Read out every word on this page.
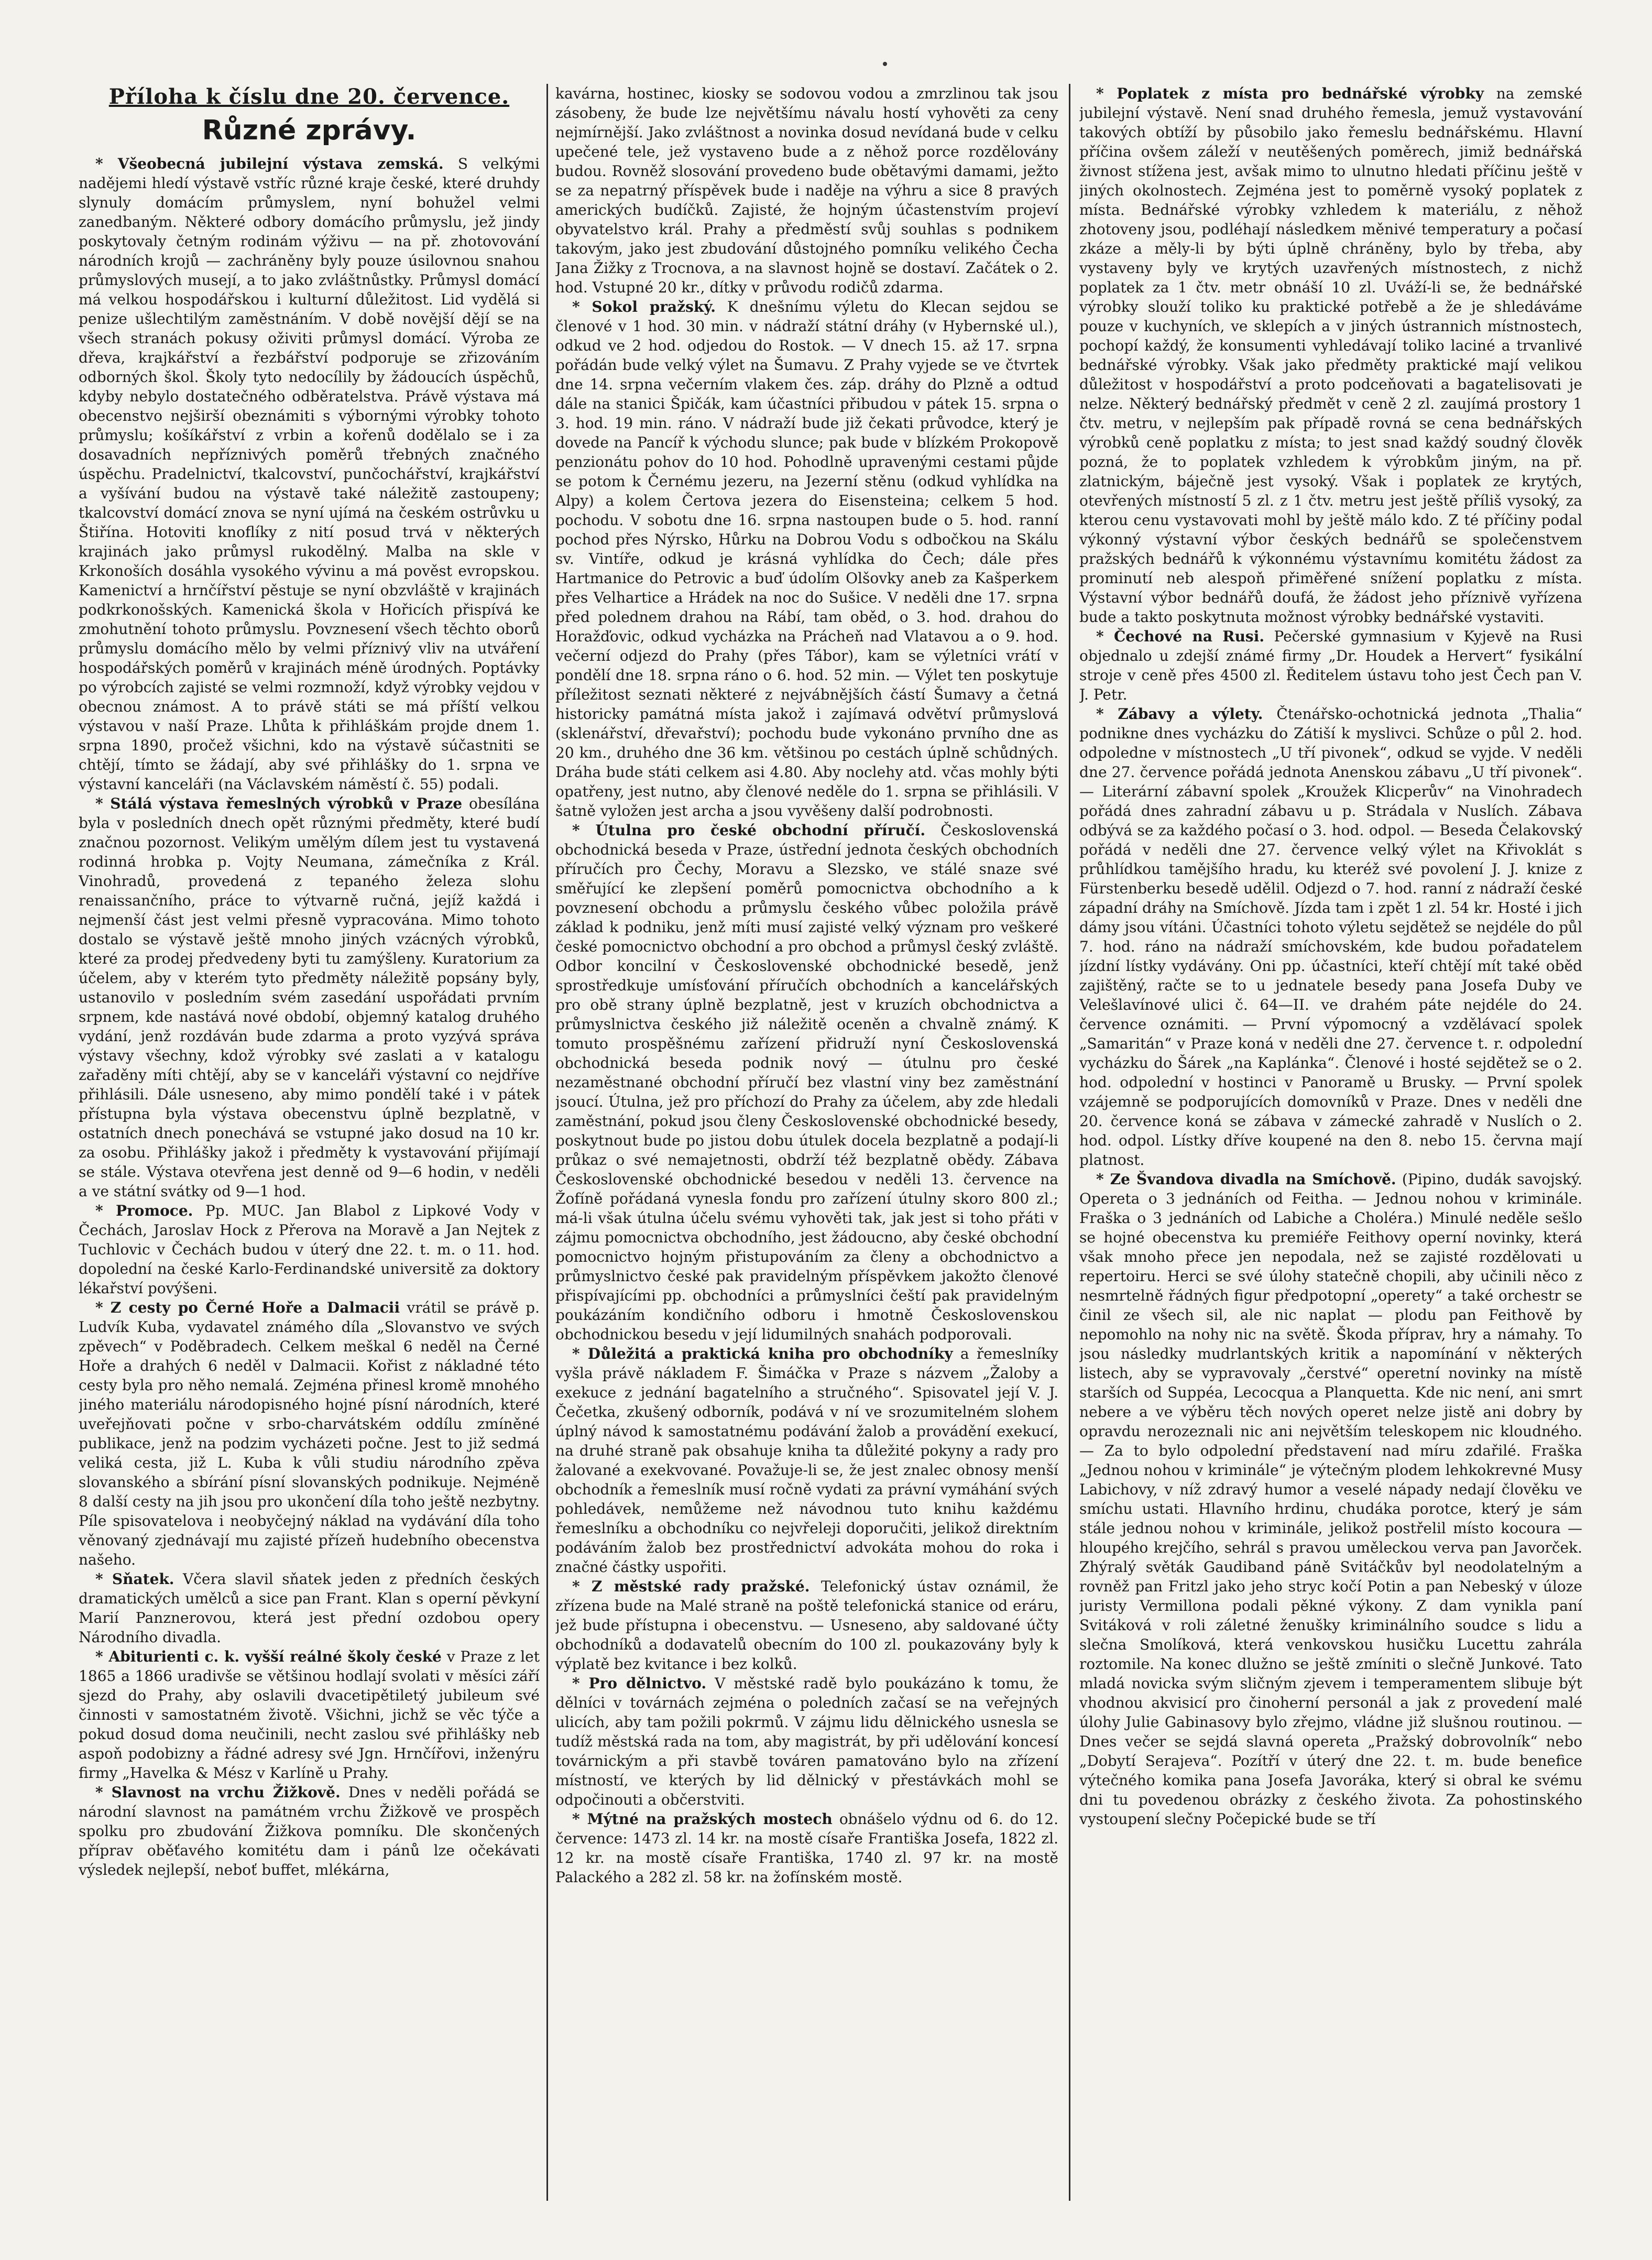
Příloha k číslu dne 20. července.
Různé zprávy.

* Všeobecná jubilejní výstava zemská. S velkými nadějemi hledí výstavě vstříc různé kraje české, které druhdy slynuly domácím průmyslem, nyní bohužel velmi zanedbaným. Některé odbory domácího průmyslu, jež jindy poskytovaly četným rodinám výživu — na př. zhotovování národních krojů — zachráněny byly pouze úsilovnou snahou průmyslových musejí, a to jako zvláštnůstky. Průmysl domácí má velkou hospodářskou i kulturní důležitost. Lid vydělá si penize ušlechtilým zaměstnáním. V době novější dějí se na všech stranách pokusy oživiti průmysl domácí. Výroba ze dřeva, krajkářství a řezbářství podporuje se zřizováním odborných škol. Školy tyto nedocílily by žádoucích úspěchů, kdyby nebylo dostatečného odběratelstva. Právě výstava má obecenstvo nejširší obeznámiti s výbornými výrobky tohoto průmyslu; košíkářství z vrbin a kořenů dodělalo se i za dosavadních nepříznivých poměrů třebných značného úspěchu. Pradelnictví, tkalcovství, punčochářství, krajkářství a vyšívání budou na výstavě také náležitě zastoupeny; tkalcovství domácí znova se nyní ujímá na českém ostrůvku u Štiřína. Hotoviti knoflíky z nití posud trvá v některých krajinách jako průmysl rukodělný. Malba na skle v Krkonoších dosáhla vysokého vývinu a má pověst evropskou. Kamenictví a hrnčířství pěstuje se nyní obzvláště v krajinách podkrkonošských. Kamenická škola v Hořicích přispívá ke zmohutnění tohoto průmyslu. Povznesení všech těchto oborů průmyslu domácího mělo by velmi příznivý vliv na utváření hospodářských poměrů v krajinách méně úrodných. Poptávky po výrobcích zajisté se velmi rozmnoží, když výrobky vejdou v obecnou známost. A to právě státi se má příští velkou výstavou v naší Praze. Lhůta k přihláškám projde dnem 1. srpna 1890, pročež všichni, kdo na výstavě súčastniti se chtějí, tímto se žádají, aby své přihlášky do 1. srpna ve výstavní kanceláři (na Václavském náměstí č. 55) podali.

* Stálá výstava řemeslných výrobků v Praze obesílána byla v posledních dnech opět různými předměty, které budí značnou pozornost. Velikým umělým dílem jest tu vystavená rodinná hrobka p. Vojty Neumana, zámečníka z Král. Vinohradů, provedená z tepaného železa slohu renaissančního, práce to výtvarně ručná, jejíž každá i nejmenší část jest velmi přesně vypracována. Mimo tohoto dostalo se výstavě ještě mnoho jiných vzácných výrobků, které za prodej předvedeny byti tu zamýšleny. Kuratorium za účelem, aby v kterém tyto předměty náležitě popsány byly, ustanovilo v posledním svém zasedání uspořádati prvním srpnem, kde nastává nové období, objemný katalog druhého vydání, jenž rozdáván bude zdarma a proto vyzývá správa výstavy všechny, kdož výrobky své zaslati a v katalogu zařaděny míti chtějí, aby se v kanceláři výstavní co nejdříve přihlásili. Dále usneseno, aby mimo pondělí také i v pátek přístupna byla výstava obecenstvu úplně bezplatně, v ostatních dnech ponechává se vstupné jako dosud na 10 kr. za osobu. Přihlášky jakož i předměty k vystavování přijímají se stále. Výstava otevřena jest denně od 9—6 hodin, v neděli a ve státní svátky od 9—1 hod.

* Promoce. Pp. MUC. Jan Blabol z Lipkové Vody v Čechách, Jaroslav Hock z Přerova na Moravě a Jan Nejtek z Tuchlovic v Čechách budou v úterý dne 22. t. m. o 11. hod. dopolední na české Karlo-Ferdinandské universitě za doktory lékařství povýšeni.

* Z cesty po Černé Hoře a Dalmacii vrátil se právě p. Ludvík Kuba, vydavatel známého díla „Slovanstvo ve svých zpěvech“ v Poděbradech. Celkem meškal 6 neděl na Černé Hoře a drahých 6 neděl v Dalmacii. Kořist z nákladné této cesty byla pro něho nemalá. Zejména přinesl kromě mnohého jiného materiálu národopisného hojné písní národních, které uveřejňovati počne v srbo-charvátském oddílu zmíněné publikace, jenž na podzim vycházeti počne. Jest to již sedmá veliká cesta, již L. Kuba k vůli studiu národního zpěva slovanského a sbírání písní slovanských podnikuje. Nejméně 8 další cesty na jih jsou pro ukončení díla toho ještě nezbytny. Píle spisovatelova i neobyčejný náklad na vydávání díla toho věnovaný zjednávají mu zajisté přízeň hudebního obecenstva našeho.

* Sňatek. Včera slavil sňatek jeden z předních českých dramatických umělců a sice pan Frant. Klan s operní pěvkyní Marií Panznerovou, která jest přední ozdobou opery Národního divadla.

* Abiturienti c. k. vyšší reálné školy české v Praze z let 1865 a 1866 uradivše se většinou hodlají svolati v měsíci září sjezd do Prahy, aby oslavili dvacetipětiletý jubileum své činnosti v samostatném životě. Všichni, jichž se věc týče a pokud dosud doma neučinili, necht zaslou své přihlášky neb aspoň podobizny a řádné adresy své Jgn. Hrnčířovi, inženýru firmy „Havelka & Mész v Karlíně u Prahy.

* Slavnost na vrchu Žižkově. Dnes v neděli pořádá se národní slavnost na památném vrchu Žižkově ve prospěch spolku pro zbudování Žižkova pomníku. Dle skončených příprav oběťavého komitétu dam i pánů lze očekávati výsledek nejlepší, neboť buffet, mlékárna,

kavárna, hostinec, kiosky se sodovou vodou a zmrzlinou tak jsou zásobeny, že bude lze největšímu návalu hostí vyhověti za ceny nejmírnější. Jako zvláštnost a novinka dosud nevídaná bude v celku upečené tele, jež vystaveno bude a z něhož porce rozdělovány budou. Rovněž slosování provedeno bude obětavými damami, ježto se za nepatrný příspěvek bude i naděje na výhru a sice 8 pravých amerických budíčků. Zajisté, že hojným účastenstvím projeví obyvatelstvo král. Prahy a předměstí svůj souhlas s podnikem takovým, jako jest zbudování důstojného pomníku velikého Čecha Jana Žižky z Trocnova, a na slavnost hojně se dostaví. Začátek o 2. hod. Vstupné 20 kr., dítky v průvodu rodičů zdarma.

* Sokol pražský. K dnešnímu výletu do Klecan sejdou se členové v 1 hod. 30 min. v nádraží státní dráhy (v Hybernské ul.), odkud ve 2 hod. odjedou do Rostok. — V dnech 15. až 17. srpna pořádán bude velký výlet na Šumavu. Z Prahy vyjede se ve čtvrtek dne 14. srpna večerním vlakem čes. záp. dráhy do Plzně a odtud dále na stanici Špičák, kam účastníci přibudou v pátek 15. srpna o 3. hod. 19 min. ráno. V nádraží bude již čekati průvodce, který je dovede na Pancíř k východu slunce; pak bude v blízkém Prokopově penzionátu pohov do 10 hod. Pohodlně upravenými cestami půjde se potom k Černému jezeru, na Jezerní stěnu (odkud vyhlídka na Alpy) a kolem Čertova jezera do Eisensteina; celkem 5 hod. pochodu. V sobotu dne 16. srpna nastoupen bude o 5. hod. ranní pochod přes Nýrsko, Hůrku na Dobrou Vodu s odbočkou na Skálu sv. Vintíře, odkud je krásná vyhlídka do Čech; dále přes Hartmanice do Petrovic a buď údolím Olšovky aneb za Kašperkem přes Velhartice a Hrádek na noc do Sušice. V neděli dne 17. srpna před polednem drahou na Rábí, tam oběd, o 3. hod. drahou do Horažďovic, odkud vycházka na Prácheň nad Vlatavou a o 9. hod. večerní odjezd do Prahy (přes Tábor), kam se výletníci vrátí v pondělí dne 18. srpna ráno o 6. hod. 52 min. — Výlet ten poskytuje příležitost seznati některé z nejvábnějších částí Šumavy a četná historicky památná místa jakož i zajímavá odvětví průmyslová (sklenářství, dřevařství); pochodu bude vykonáno prvního dne as 20 km., druhého dne 36 km. většinou po cestách úplně schůdných. Dráha bude státi celkem asi 4.80. Aby noclehy atd. včas mohly býti opatřeny, jest nutno, aby členové neděle do 1. srpna se přihlásili. V šatně vyložen jest archa a jsou vyvěšeny další podrobnosti.

* Útulna pro české obchodní příručí. Československá obchodnická beseda v Praze, ústřední jednota českých obchodních příručích pro Čechy, Moravu a Slezsko, ve stálé snaze své směřující ke zlepšení poměrů pomocnictva obchodního a k povznesení obchodu a průmyslu českého vůbec položila právě základ k podniku, jenž míti musí zajisté velký význam pro veškeré české pomocnictvo obchodní a pro obchod a průmysl český zvláště. Odbor koncilní v Československé obchodnické besedě, jenž sprostředkuje umísťování příručích obchodních a kancelářských pro obě strany úplně bezplatně, jest v kruzích obchodnictva a průmyslnictva českého již náležitě oceněn a chvalně známý. K tomuto prospěšnému zařízení přidruží nyní Československá obchodnická beseda podnik nový — útulnu pro české nezaměstnané obchodní příručí bez vlastní viny bez zaměstnání jsoucí. Útulna, jež pro příchozí do Prahy za účelem, aby zde hledali zaměstnání, pokud jsou členy Československé obchodnické besedy, poskytnout bude po jistou dobu útulek docela bezplatně a podají-li průkaz o své nemajetnosti, obdrží též bezplatně obědy. Zábava Československé obchodnické besedou v neděli 13. července na Žofíně pořádaná vynesla fondu pro zařízení útulny skoro 800 zl.; má-li však útulna účelu svému vyhověti tak, jak jest si toho přáti v zájmu pomocnictva obchodního, jest žádoucno, aby české obchodní pomocnictvo hojným přistupováním za členy a obchodnictvo a průmyslnictvo české pak pravidelným příspěvkem jakožto členové přispívajícími pp. obchodníci a průmyslníci čeští pak pravidelným poukázáním kondičního odboru i hmotně Československou obchodnickou besedu v její lidumilných snahách podporovali.

* Důležitá a praktická kniha pro obchodníky a řemeslníky vyšla právě nákladem F. Šimáčka v Praze s názvem „Žaloby a exekuce z jednání bagatelního a stručného“. Spisovatel její V. J. Čečetka, zkušený odborník, podává v ní ve srozumitelném slohem úplný návod k samostatnému podávání žalob a provádění exekucí, na druhé straně pak obsahuje kniha ta důležité pokyny a rady pro žalované a exekvované. Považuje-li se, že jest znalec obnosy menší obchodník a řemeslník musí ročně vydati za právní vymáhání svých pohledávek, nemůžeme než návodnou tuto knihu každému řemeslníku a obchodníku co nejvřeleji doporučiti, jelikož direktním podáváním žalob bez prostřednictví advokáta mohou do roka i značné částky uspořiti.

* Z městské rady pražské. Telefonický ústav oznámil, že zřízena bude na Malé straně na poště telefonická stanice od eráru, jež bude přístupna i obecenstvu. — Usneseno, aby saldované účty obchodníků a dodavatelů obecním do 100 zl. poukazovány byly k výplatě bez kvitance i bez kolků.

* Pro dělnictvo. V městské radě bylo poukázáno k tomu, že dělníci v továrnách zejména o poledních začasí se na veřejných ulicích, aby tam požili pokrmů. V zájmu lidu dělnického usnesla se tudíž městská rada na tom, aby magistrát, by při udělování koncesí továrnickým a při stavbě továren pamatováno bylo na zřízení místností, ve kterých by lid dělnický v přestávkách mohl se odpočinouti a občerstviti.

* Mýtné na pražských mostech obnášelo výdnu od 6. do 12. července: 1473 zl. 14 kr. na mostě císaře Františka Josefa, 1822 zl. 12 kr. na mostě císaře Františka, 1740 zl. 97 kr. na mostě Palackého a 282 zl. 58 kr. na žofínském mostě.

* Poplatek z místa pro bednářské výrobky na zemské jubilejní výstavě. Není snad druhého řemesla, jemuž vystavování takových obtíží by působilo jako řemeslu bednářskému. Hlavní příčina ovšem záleží v neutěšených poměrech, jimiž bednářská živnost stížena jest, avšak mimo to ulnutno hledati příčinu ještě v jiných okolnostech. Zejména jest to poměrně vysoký poplatek z místa. Bednářské výrobky vzhledem k materiálu, z něhož zhotoveny jsou, podléhají následkem měnivé temperatury a počasí zkáze a měly-li by býti úplně chráněny, bylo by třeba, aby vystaveny byly ve krytých uzavřených místnostech, z nichž poplatek za 1 čtv. metr obnáší 10 zl. Uváží-li se, že bednářské výrobky slouží toliko ku praktické potřebě a že je shledáváme pouze v kuchyních, ve sklepích a v jiných ústrannich místnostech, pochopí každý, že konsumenti vyhledávají toliko laciné a trvanlivé bednářské výrobky. Však jako předměty praktické mají velikou důležitost v hospodářství a proto podceňovati a bagatelisovati je nelze. Některý bednářský předmět v ceně 2 zl. zaujímá prostory 1 čtv. metru, v nejlepším pak případě rovná se cena bednářských výrobků ceně poplatku z místa; to jest snad každý soudný člověk pozná, že to poplatek vzhledem k výrobkům jiným, na př. zlatnickým, báječně jest vysoký. Však i poplatek ze krytých, otevřených místností 5 zl. z 1 čtv. metru jest ještě příliš vysoký, za kterou cenu vystavovati mohl by ještě málo kdo. Z té příčiny podal výkonný výstavní výbor českých bednářů se společenstvem pražských bednářů k výkonnému výstavnímu komitétu žádost za prominutí neb alespoň přiměřené snížení poplatku z místa. Výstavní výbor bednářů doufá, že žádost jeho příznivě vyřízena bude a takto poskytnuta možnost výrobky bednářské vystaviti.

* Čechové na Rusi. Pečerské gymnasium v Kyjevě na Rusi objednalo u zdejší známé firmy „Dr. Houdek a Hervert“ fysikální stroje v ceně přes 4500 zl. Ředitelem ústavu toho jest Čech pan V. J. Petr.

* Zábavy a výlety. Čtenářsko-ochotnická jednota „Thalia“ podnikne dnes vycházku do Zátiší k myslivci. Schůze o půl 2. hod. odpoledne v místnostech „U tří pivonek“, odkud se vyjde. V neděli dne 27. července pořádá jednota Anenskou zábavu „U tří pivonek“. — Literární zábavní spolek „Kroužek Klicperův“ na Vinohradech pořádá dnes zahradní zábavu u p. Strádala v Nuslích. Zábava odbývá se za každého počasí o 3. hod. odpol. — Beseda Čelakovský pořádá v neděli dne 27. července velký výlet na Křivoklát s průhlídkou tamějšího hradu, ku kteréž své povolení J. J. knize z Fürstenberku besedě udělil. Odjezd o 7. hod. ranní z nádraží české západní dráhy na Smíchově. Jízda tam i zpět 1 zl. 54 kr. Hosté i jich dámy jsou vítáni. Účastníci tohoto výletu sejdětež se nejdéle do půl 7. hod. ráno na nádraží smíchovském, kde budou pořadatelem jízdní lístky vydávány. Oni pp. účastníci, kteří chtějí mít také oběd zajištěný, račte se to u jednatele besedy pana Josefa Duby ve Velešlavínové ulici č. 64—II. ve drahém páte nejdéle do 24. července oznámiti. — První výpomocný a vzdělávací spolek „Samaritán“ v Praze koná v neděli dne 27. července t. r. odpolední vycházku do Šárek „na Kaplánka“. Členové i hosté sejdětež se o 2. hod. odpolední v hostinci v Panoramě u Brusky. — První spolek vzájemně se podporujících domovníků v Praze. Dnes v neděli dne 20. července koná se zábava v zámecké zahradě v Nuslích o 2. hod. odpol. Lístky dříve koupené na den 8. nebo 15. června mají platnost.

* Ze Švandova divadla na Smíchově. (Pipino, dudák savojský. Opereta o 3 jednáních od Feitha. — Jednou nohou v kriminále. Fraška o 3 jednáních od Labiche a Choléra.) Minulé neděle sešlo se hojné obecenstva ku premiéře Feithovy operní novinky, která však mnoho přece jen nepodala, než se zajisté rozdělovati u repertoiru. Herci se své úlohy statečně chopili, aby učinili něco z nesmrtelně řádných figur předpotopní „operety“ a také orchestr se činil ze všech sil, ale nic naplat — plodu pan Feithově by nepomohlo na nohy nic na světě. Škoda příprav, hry a námahy. To jsou následky mudrlantských kritik a napomínání v některých listech, aby se vypravovaly „čerstvé“ operetní novinky na místě starších od Suppéa, Lecocqua a Planquetta. Kde nic není, ani smrt nebere a ve výběru těch nových operet nelze jistě ani dobry by opravdu nerozeznali nic ani největším teleskopem nic kloudného. — Za to bylo odpolední představení nad míru zdařilé. Fraška „Jednou nohou v kriminále“ je výtečným plodem lehkokrevné Musy Labichovy, v níž zdravý humor a veselé nápady nedají člověku ve smíchu ustati. Hlavního hrdinu, chudáka porotce, který je sám stále jednou nohou v kriminále, jelikož postřelil místo kocoura — hloupého krejčího, sehrál s pravou uměleckou verva pan Javorček. Zhýralý světák Gaudiband páně Svitáčkův byl neodolatelným a rovněž pan Fritzl jako jeho stryc kočí Potin a pan Nebeský v úloze juristy Vermillona podali pěkné výkony. Z dam vynikla paní Svitáková v roli záletné ženušky kriminálního soudce s lidu a slečna Smolíková, která venkovskou husičku Lucettu zahrála roztomile. Na konec dlužno se ještě zmíniti o slečně Junkové. Tato mladá novicka svým sličným zjevem i temperamentem slibuje být vhodnou akvisicí pro činoherní personál a jak z provedení malé úlohy Julie Gabinasovy bylo zřejmo, vládne již slušnou routinou. — Dnes večer se sejdá slavná opereta „Pražský dobrovolník“ nebo „Dobytí Serajeva“. Pozítří v úterý dne 22. t. m. bude benefice výtečného komika pana Josefa Javoráka, který si obral ke svému dni tu povedenou obrázky z českého života. Za pohostinského vystoupení slečny Počepické bude se tří
